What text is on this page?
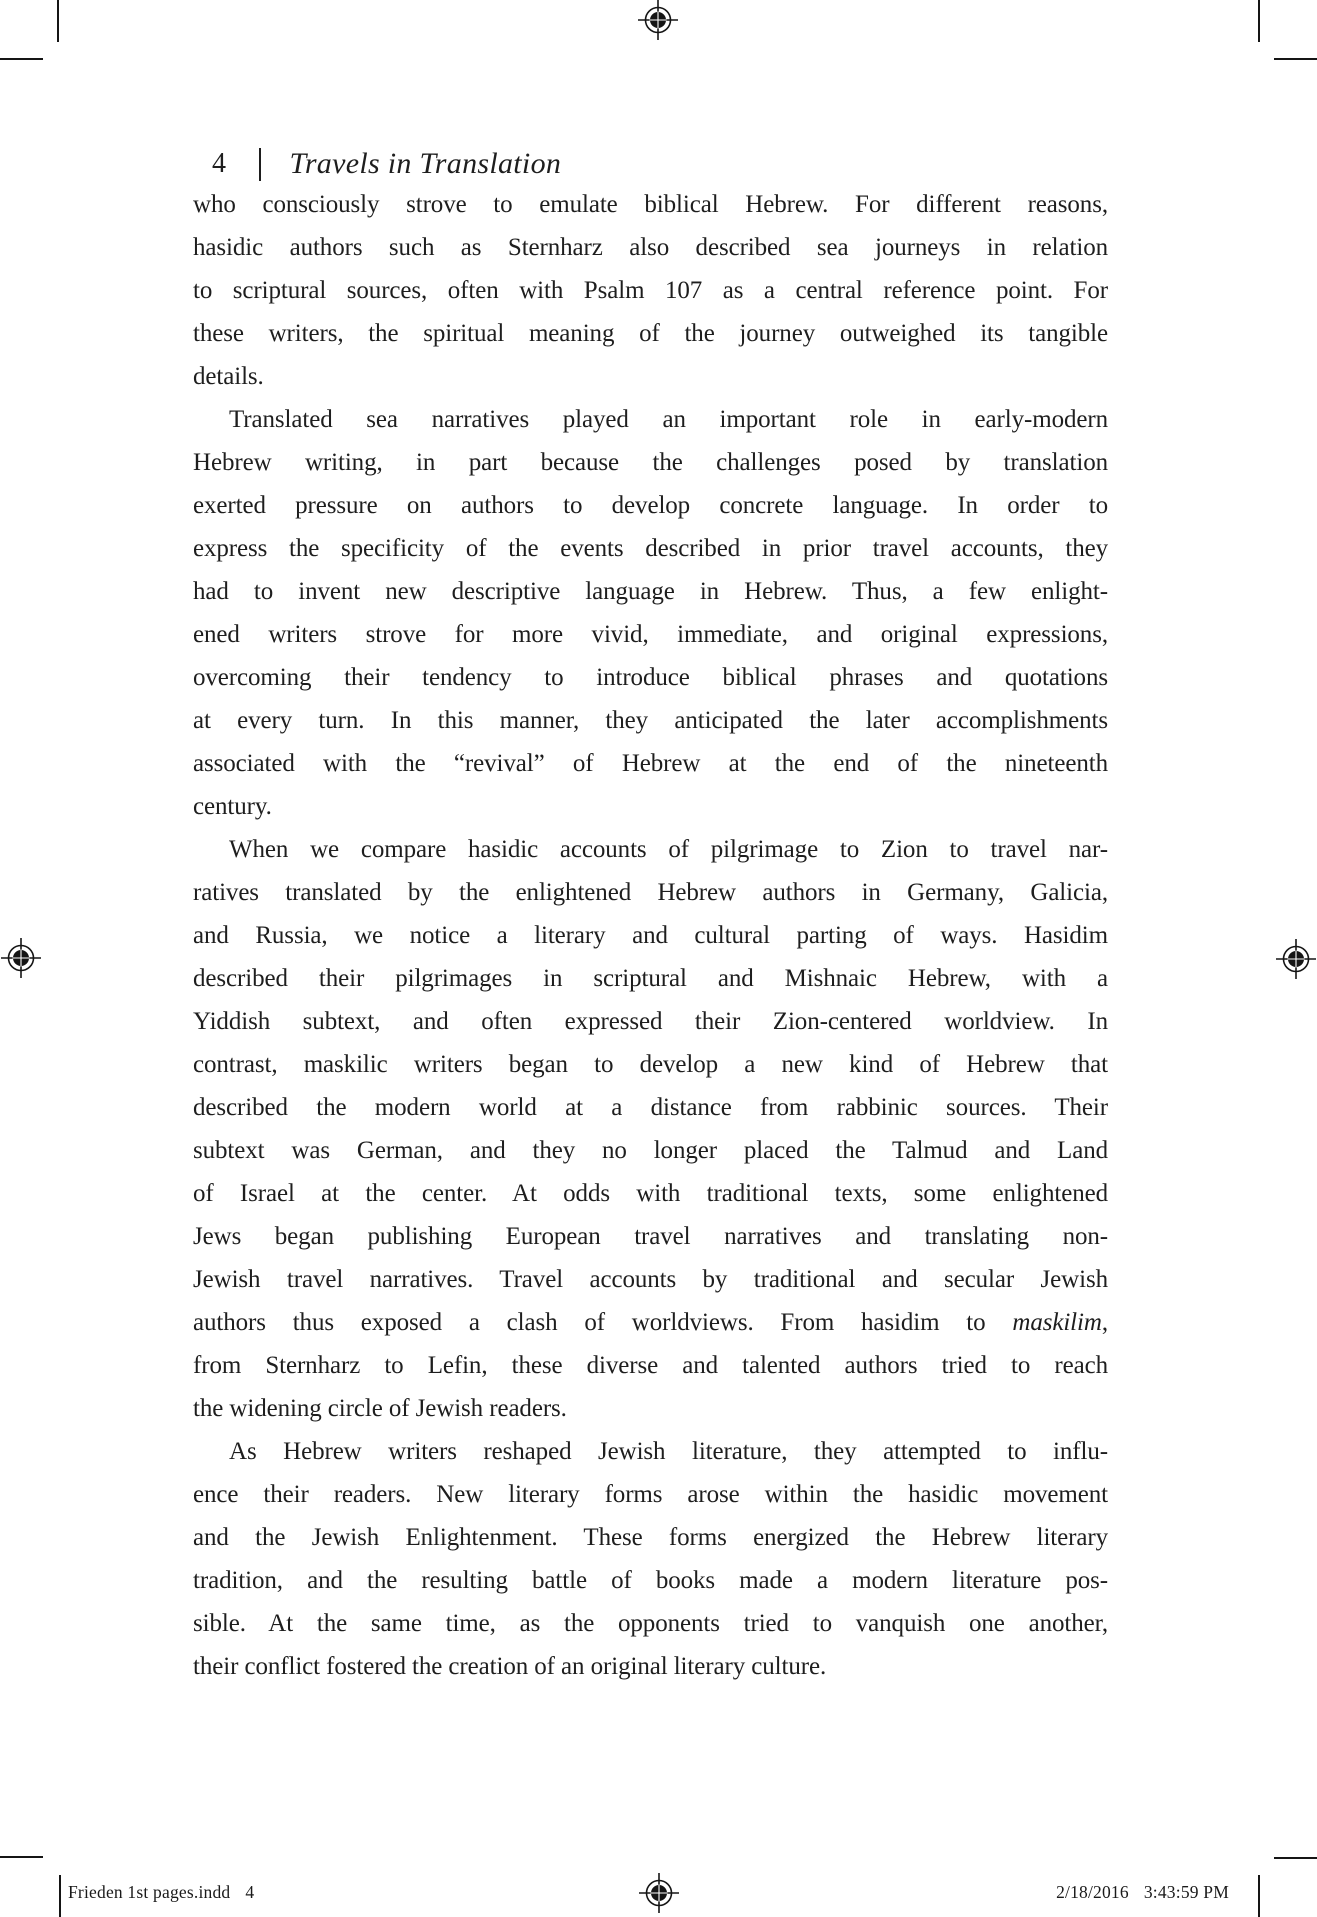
4 Travels in Translation
who consciously strove to emulate biblical Hebrew. For different reasons,
hasidic authors such as Sternharz also described sea journeys in relation
to scriptural sources, often with Psalm 107 as a central reference point. For
these writers, the spiritual meaning of the journey outweighed its tangible
details.
Translated sea narratives played an important role in early-modern
Hebrew writing, in part because the challenges posed by translation
exerted pressure on authors to develop concrete language. In order to
express the specificity of the events described in prior travel accounts, they
had to invent new descriptive language in Hebrew. Thus, a few enlight-
ened writers strove for more vivid, immediate, and original expressions,
overcoming their tendency to introduce biblical phrases and quotations
at every turn. In this manner, they anticipated the later accomplishments
associated with the “revival” of Hebrew at the end of the nineteenth
century.
When we compare hasidic accounts of pilgrimage to Zion to travel nar-
ratives translated by the enlightened Hebrew authors in Germany, Galicia,
and Russia, we notice a literary and cultural parting of ways. Hasidim
described their pilgrimages in scriptural and Mishnaic Hebrew, with a
Yiddish subtext, and often expressed their Zion-centered worldview. In
contrast, maskilic writers began to develop a new kind of Hebrew that
described the modern world at a distance from rabbinic sources. Their
subtext was German, and they no longer placed the Talmud and Land
of Israel at the center. At odds with traditional texts, some enlightened
Jews began publishing European travel narratives and translating non-
Jewish travel narratives. Travel accounts by traditional and secular Jewish
authors thus exposed a clash of worldviews. From hasidim to maskilim,
from Sternharz to Lefin, these diverse and talented authors tried to reach
the widening circle of Jewish readers.
As Hebrew writers reshaped Jewish literature, they attempted to influ-
ence their readers. New literary forms arose within the hasidic movement
and the Jewish Enlightenment. These forms energized the Hebrew literary
tradition, and the resulting battle of books made a modern literature pos-
sible. At the same time, as the opponents tried to vanquish one another,
their conflict fostered the creation of an original literary culture.
Frieden 1st pages.indd 4	2/18/2016 3:43:59 PM
